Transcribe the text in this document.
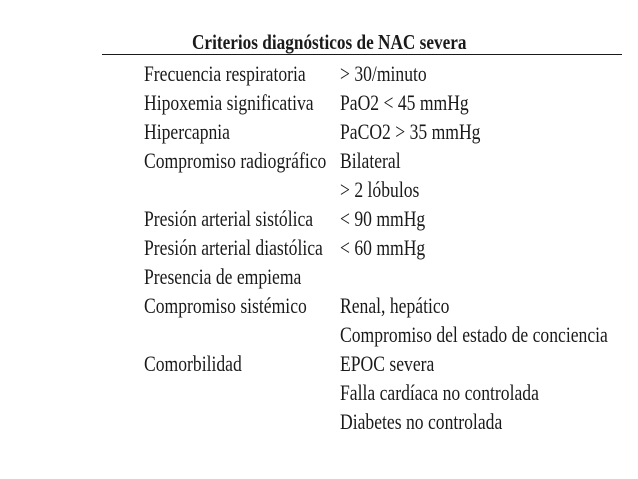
Criterios diagnósticos de NAC severa
Frecuencia respiratoria > 30/minuto
Hipoxemia significativa PaO2 < 45 mmHg
Hipercapnia	PaCO2 > 35 mmHg
Compromiso radiográfico Bilateral
> 2 lóbulos
Presión arterial sistólica < 90 mmHg
Presión arterial diastólica < 60 mmHg
Presencia de empiema
Compromiso sistémico Renal, hepático
Compromiso del estado de conciencia
Comorbilidad	EPOC severa
Falla cardíaca no controlada
Diabetes no controlada
